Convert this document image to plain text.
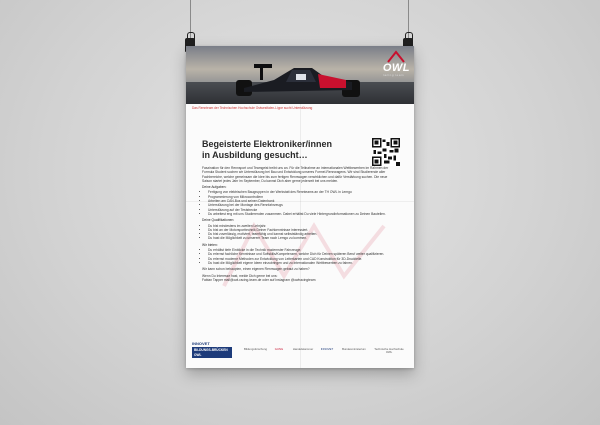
OWL
racing team
Das Rennteam der Technischen Hochschule Ostwestfalen-Lippe sucht Unterstützung
Begeisterte Elektroniker/innen
in Ausbildung gesucht…

Faszination für den Rennsport und Teamgeist treibt uns an. Für die Teilnahme an internationalen Wettbewerben im Rahmen der Formula Student suchen wir Unterstützung bei Bau und Entwicklung unseres Formel-Rennwagens. Wir sind Studierende aller Fachbereiche, welche gemeinsam die Idee bis zum fertigen Rennwagen verwirklichen und dafür Verstärkung suchen. Die neue Saison startet jedes Jahr im September, Du kannst Dich aber gerne jederzeit bei uns melden.

Deine Aufgaben:
• Fertigung von elektrischen Baugruppen in der Werkstatt des Rennteams an der TH OWL in Lemgo
• Programmierung von Mikrocontrollern
• Arbeiten am CAN-Bus und seinen Datenbank
• Unterstützung bei der Montage des Rennfahrzeugs
• Unterstützung auf der Teststrecke
• Du arbeitest eng mit uns Studierenden zusammen. Dabei erhältst Du viele Hintergrundinformationen zu Deinen Bauteilen.
Deine Qualifikationen:
• Du bist mindestens im zweiten Lehrjahr.
• Du bist an der Motorsporttechnik Deiner Fachkenntnisse interessiert.
• Du bist zuverlässig, motiviert, teamfähig und kannst selbstständig arbeiten.
• Du hast die Möglichkeit zu unserem Team nach Lemgo zu kommen.
Wir bieten:
• Du erhältst tiefe Einblicke in die Technik modernster Fahrzeuge.
• Du erlernst fachliche Kenntnisse und Softskills/Kompetenzen, welche Dich für Deinen späteren Beruf weiter qualifizieren.
• Du erlernst moderne Methoden zur Entwicklung von Leiterkarten und CAD Konstruktion für 3D-Drucktelle.
• Du hast die Möglichkeit eigene Ideen einzubringen und zu internationalen Wettbewerben zu fahren.

Wir kann schon behaupten, einen eigenen Rennwagen gebaut zu haben?

Wenn Du Interesse hast, melde Dich gerne bei uns:

Fabian Tapper mail@owl-racing-team.de oder auf Instagram @owlracingteam

INNOVET
BILDUNGS-BRÜCKEN OWL
Bildungsforschung	GUNG	Handelskammer	INNOVET	Bundesministerium	Technische Hochschule OWL
